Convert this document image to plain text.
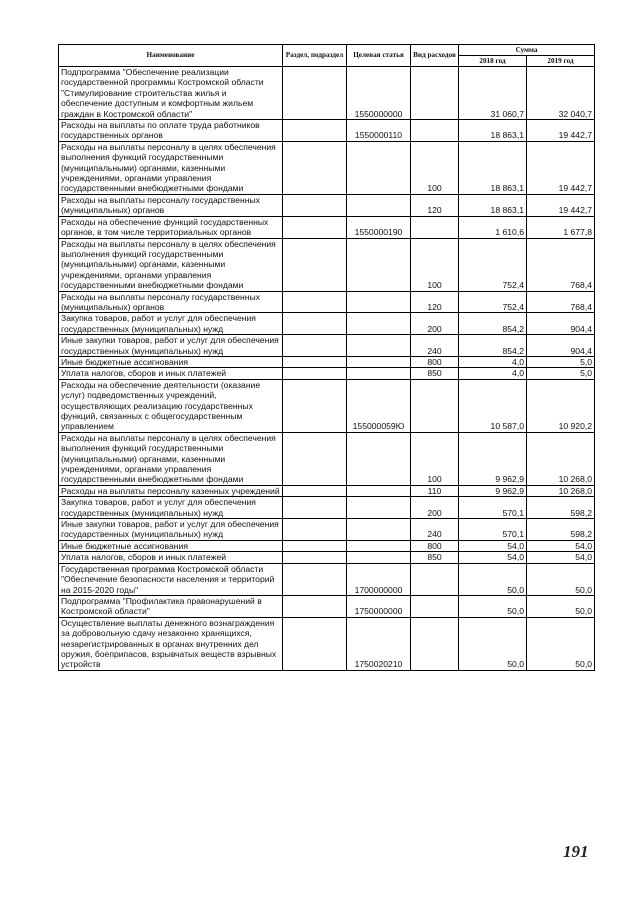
Наименование	Раздел, подраздел	Целевая статья	Вид расходов	Сумма	
				2018 год	2019 год
Подпрограмма "Обеспечение реализации государственной программы Костромской области "Стимулирование строительства жилья и обеспечение доступным и комфортным жильем граждан в Костромской области"		1550000000		31 060,7	32 040,7
Расходы на выплаты по оплате труда работников государственных органов		1550000110		18 863,1	19 442,7
Расходы на выплаты персоналу в целях обеспечения выполнения функций государственными (муниципальными) органами, казенными учреждениями, органами управления государственными внебюджетными фондами			100	18 863,1	19 442,7
Расходы на выплаты персоналу государственных (муниципальных) органов			120	18 863,1	19 442,7
Расходы на обеспечение функций государственных органов, в том числе территориальных органов		1550000190		1 610,6	1 677,8
Расходы на выплаты персоналу в целях обеспечения выполнения функций государственными (муниципальными) органами, казенными учреждениями, органами управления государственными внебюджетными фондами			100	752,4	768,4
Расходы на выплаты персоналу государственных (муниципальных) органов			120	752,4	768,4
Закупка товаров, работ и услуг для обеспечения государственных (муниципальных) нужд			200	854,2	904,4
Иные закупки товаров, работ и услуг для обеспечения государственных (муниципальных) нужд			240	854,2	904,4
Иные бюджетные ассигнования			800	4,0	5,0
Уплата налогов, сборов и иных платежей			850	4,0	5,0
Расходы на обеспечение деятельности (оказание услуг) подведомственных учреждений, осуществляющих реализацию государственных функций, связанных с общегосударственным управлением		155000059Ю		10 587,0	10 920,2
Расходы на выплаты персоналу в целях обеспечения выполнения функций государственными (муниципальными) органами, казенными учреждениями, органами управления государственными внебюджетными фондами			100	9 962,9	10 268,0
Расходы на выплаты персоналу казенных учреждений			110	9 962,9	10 268,0
Закупка товаров, работ и услуг для обеспечения государственных (муниципальных) нужд			200	570,1	598,2
Иные закупки товаров, работ и услуг для обеспечения государственных (муниципальных) нужд			240	570,1	598,2
Иные бюджетные ассигнования			800	54,0	54,0
Уплата налогов, сборов и иных платежей			850	54,0	54,0
Государственная программа Костромской области "Обеспечение безопасности населения и территорий на 2015-2020 годы"		1700000000		50,0	50,0
Подпрограмма "Профилактика правонарушений в Костромской области"		1750000000		50,0	50,0
Осуществление выплаты денежного вознаграждения за добровольную сдачу незаконно хранящихся, незарегистрированных в органах внутренних дел оружия, боеприпасов, взрывчатых веществ взрывных устройств		1750020210		50,0	50,0
191
